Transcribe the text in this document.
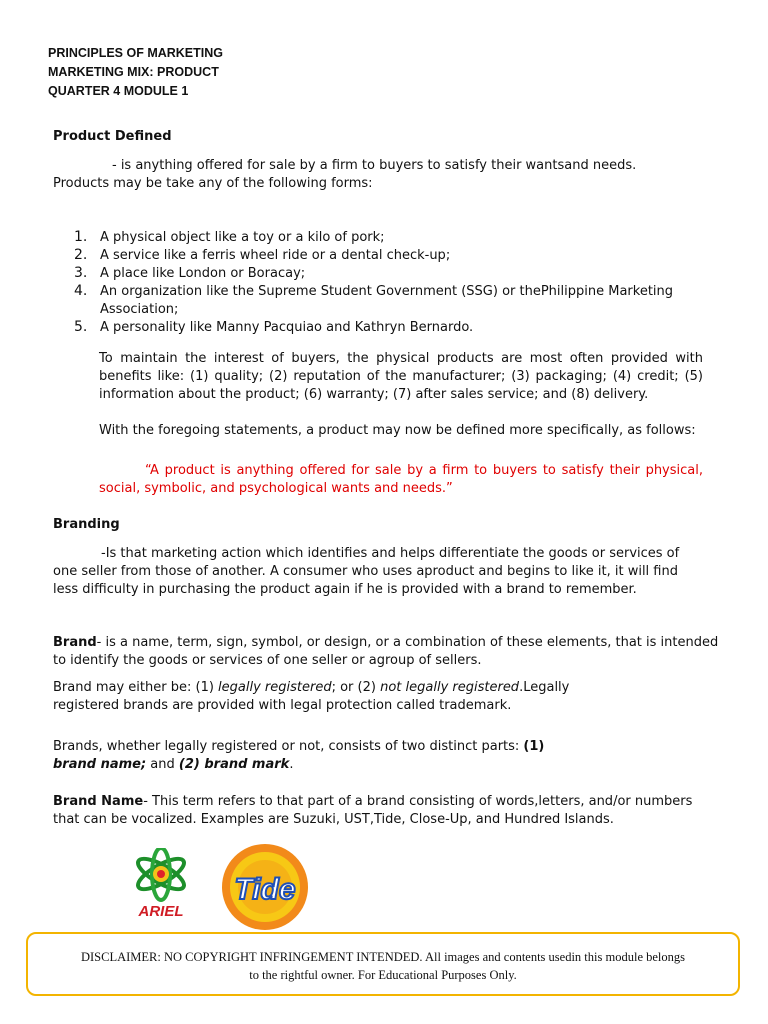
PRINCIPLES OF MARKETING
MARKETING MIX: PRODUCT
QUARTER 4 MODULE 1
Product Defined
- is anything offered for sale by a firm to buyers to satisfy their wantsand needs.
Products may be take any of the following forms:
1. A physical object like a toy or a kilo of pork;
2. A service like a ferris wheel ride or a dental check-up;
3. A place like London or Boracay;
4. An organization like the Supreme Student Government (SSG) or thePhilippine Marketing Association;
5. A personality like Manny Pacquiao and Kathryn Bernardo.
To maintain the interest of buyers, the physical products are most often provided with benefits like: (1) quality; (2) reputation of the manufacturer; (3) packaging; (4) credit; (5) information about the product; (6) warranty; (7) after sales service; and (8) delivery.
With the foregoing statements, a product may now be defined more specifically, as follows:
“A product is anything offered for sale by a firm to buyers to satisfy their physical, social, symbolic, and psychological wants and needs.”
Branding
-Is that marketing action which identifies and helps differentiate the goods or services of one seller from those of another. A consumer who uses aproduct and begins to like it, it will find less difficulty in purchasing the product again if he is provided with a brand to remember.
Brand- is a name, term, sign, symbol, or design, or a combination of these elements, that is intended to identify the goods or services of one seller or agroup of sellers.
Brand may either be: (1) legally registered; or (2) not legally registered.Legally registered brands are provided with legal protection called trademark.
Brands, whether legally registered or not, consists of two distinct parts: (1)
brand name; and (2) brand mark.
Brand Name- This term refers to that part of a brand consisting of words,letters, and/or numbers that can be vocalized. Examples are Suzuki, UST,Tide, Close-Up, and Hundred Islands.
ARIEL
Tide
DISCLAIMER: NO COPYRIGHT INFRINGEMENT INTENDED. All images and contents usedin this module belongs
to the rightful owner. For Educational Purposes Only.
